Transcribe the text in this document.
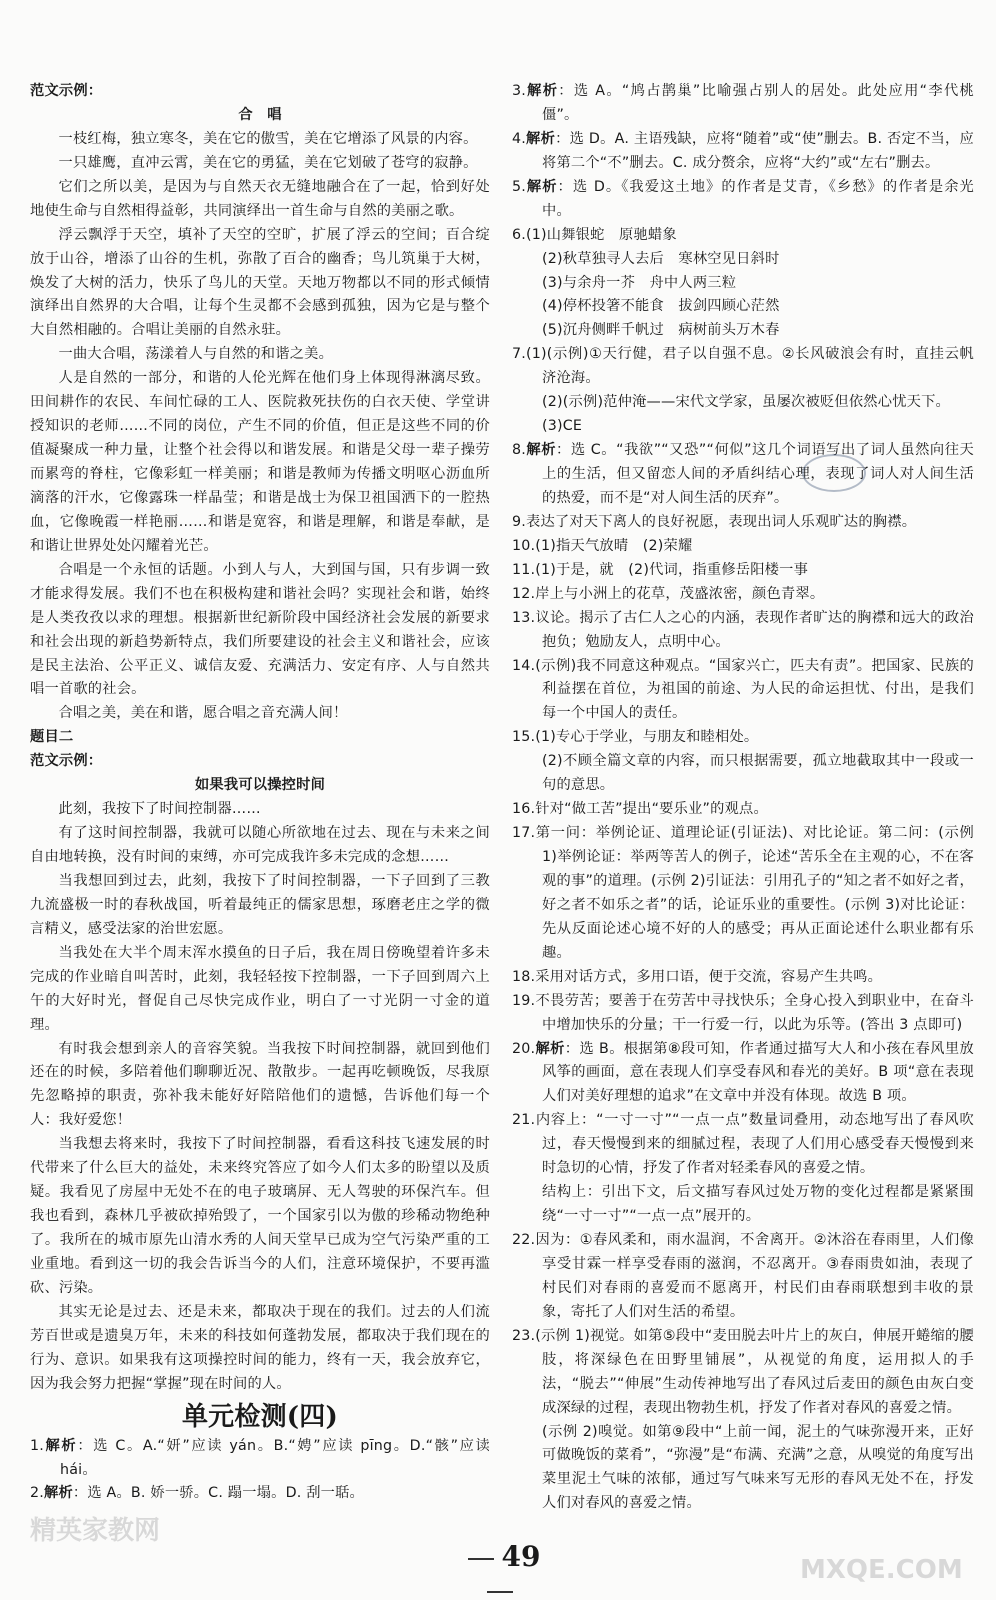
范文示例：

合　唱

一枝红梅，独立寒冬，美在它的傲雪，美在它增添了风景的内容。

一只雄鹰，直冲云霄，美在它的勇猛，美在它划破了苍穹的寂静。

它们之所以美，是因为与自然天衣无缝地融合在了一起，恰到好处地使生命与自然相得益彰，共同演绎出一首生命与自然的美丽之歌。

浮云飘浮于天空，填补了天空的空旷，扩展了浮云的空间；百合绽放于山谷，增添了山谷的生机，弥散了百合的幽香；鸟儿筑巢于大树，焕发了大树的活力，快乐了鸟儿的天堂。天地万物都以不同的形式倾情演绎出自然界的大合唱，让每个生灵都不会感到孤独，因为它是与整个大自然相融的。合唱让美丽的自然永驻。

一曲大合唱，荡漾着人与自然的和谐之美。

人是自然的一部分，和谐的人伦光辉在他们身上体现得淋漓尽致。田间耕作的农民、车间忙碌的工人、医院救死扶伤的白衣天使、学堂讲授知识的老师……不同的岗位，产生不同的价值，但正是这些不同的价值凝聚成一种力量，让整个社会得以和谐发展。和谐是父母一辈子操劳而累弯的脊柱，它像彩虹一样美丽；和谐是教师为传播文明呕心沥血所滴落的汗水，它像露珠一样晶莹；和谐是战士为保卫祖国洒下的一腔热血，它像晚霞一样艳丽……和谐是宽容，和谐是理解，和谐是奉献，是和谐让世界处处闪耀着光芒。

合唱是一个永恒的话题。小到人与人，大到国与国，只有步调一致才能求得发展。我们不也在积极构建和谐社会吗？实现社会和谐，始终是人类孜孜以求的理想。根据新世纪新阶段中国经济社会发展的新要求和社会出现的新趋势新特点，我们所要建设的社会主义和谐社会，应该是民主法治、公平正义、诚信友爱、充满活力、安定有序、人与自然共唱一首歌的社会。

合唱之美，美在和谐，愿合唱之音充满人间！

题目二

范文示例：

如果我可以操控时间

此刻，我按下了时间控制器……

有了这时间控制器，我就可以随心所欲地在过去、现在与未来之间自由地转换，没有时间的束缚，亦可完成我许多未完成的念想……

当我想回到过去，此刻，我按下了时间控制器，一下子回到了三教九流盛极一时的春秋战国，听着最纯正的儒家思想，琢磨老庄之学的微言精义，感受法家的治世宏愿。

当我处在大半个周末浑水摸鱼的日子后，我在周日傍晚望着许多未完成的作业暗自叫苦时，此刻，我轻轻按下控制器，一下子回到周六上午的大好时光，督促自己尽快完成作业，明白了一寸光阴一寸金的道理。

有时我会想到亲人的音容笑貌。当我按下时间控制器，就回到他们还在的时候，多陪着他们聊聊近况、散散步。一起再吃顿晚饭，尽我原先忽略掉的职责，弥补我未能好好陪陪他们的遗憾，告诉他们每一个人：我好爱您！

当我想去将来时，我按下了时间控制器，看看这科技飞速发展的时代带来了什么巨大的益处，未来终究答应了如今人们太多的盼望以及质疑。我看见了房屋中无处不在的电子玻璃屏、无人驾驶的环保汽车。但我也看到，森林几乎被砍掉殆毁了，一个国家引以为傲的珍稀动物绝种了。我所在的城市原先山清水秀的人间天堂早已成为空气污染严重的工业重地。看到这一切的我会告诉当今的人们，注意环境保护，不要再滥砍、污染。

其实无论是过去、还是未来，都取决于现在的我们。过去的人们流芳百世或是遗臭万年，未来的科技如何蓬勃发展，都取决于我们现在的行为、意识。如果我有这项操控时间的能力，终有一天，我会放弃它，因为我会努力把握“掌握”现在时间的人。

单元检测(四)

1.解析：选 C。A.“妍”应读 yán。B.“娉”应读 pīng。D.“骸”应读 hái。

2.解析：选 A。B. 娇一骄。C. 蹋一塌。D. 刮一聒。

3.解析：选 A。“鸠占鹊巢”比喻强占别人的居处。此处应用“李代桃僵”。

4.解析：选 D。A. 主语残缺，应将“随着”或“使”删去。B. 否定不当，应将第二个“不”删去。C. 成分赘余，应将“大约”或“左右”删去。

5.解析：选 D。《我爱这土地》的作者是艾青，《乡愁》的作者是余光中。

6.(1)山舞银蛇　原驰蜡象

(2)秋草独寻人去后　寒林空见日斜时

(3)与余舟一芥　舟中人两三粒

(4)停杯投箸不能食　拔剑四顾心茫然

(5)沉舟侧畔千帆过　病树前头万木春

7.(1)(示例)①天行健，君子以自强不息。②长风破浪会有时，直挂云帆济沧海。

(2)(示例)范仲淹——宋代文学家，虽屡次被贬但依然心忧天下。

(3)CE

8.解析：选 C。“我欲”“又恐”“何似”这几个词语写出了词人虽然向往天上的生活，但又留恋人间的矛盾纠结心理，表现了词人对人间生活的热爱，而不是“对人间生活的厌弃”。

9.表达了对天下离人的良好祝愿，表现出词人乐观旷达的胸襟。

10.(1)指天气放晴　(2)荣耀

11.(1)于是，就　(2)代词，指重修岳阳楼一事

12.岸上与小洲上的花草，茂盛浓密，颜色青翠。

13.议论。揭示了古仁人之心的内涵，表现作者旷达的胸襟和远大的政治抱负；勉励友人，点明中心。

14.(示例)我不同意这种观点。“国家兴亡，匹夫有责”。把国家、民族的利益摆在首位，为祖国的前途、为人民的命运担忧、付出，是我们每一个中国人的责任。

15.(1)专心于学业，与朋友和睦相处。

(2)不顾全篇文章的内容，而只根据需要，孤立地截取其中一段或一句的意思。

16.针对“做工苦”提出“要乐业”的观点。

17.第一问：举例论证、道理论证(引证法)、对比论证。第二问：(示例 1)举例论证：举两等苦人的例子，论述“苦乐全在主观的心，不在客观的事”的道理。(示例 2)引证法：引用孔子的“知之者不如好之者，好之者不如乐之者”的话，论证乐业的重要性。(示例 3)对比论证：先从反面论述心境不好的人的感受；再从正面论述什么职业都有乐趣。

18.采用对话方式，多用口语，便于交流，容易产生共鸣。

19.不畏劳苦；要善于在劳苦中寻找快乐；全身心投入到职业中，在奋斗中增加快乐的分量；干一行爱一行，以此为乐等。(答出 3 点即可)

20.解析：选 B。根据第⑧段可知，作者通过描写大人和小孩在春风里放风筝的画面，意在表现人们享受春风和春光的美好。B 项“意在表现人们对美好理想的追求”在文章中并没有体现。故选 B 项。

21.内容上：“一寸一寸”“一点一点”数量词叠用，动态地写出了春风吹过，春天慢慢到来的细腻过程，表现了人们用心感受春天慢慢到来时急切的心情，抒发了作者对轻柔春风的喜爱之情。

结构上：引出下文，后文描写春风过处万物的变化过程都是紧紧围绕“一寸一寸”“一点一点”展开的。

22.因为：①春风柔和，雨水温润，不舍离开。②沐浴在春雨里，人们像享受甘霖一样享受春雨的滋润，不忍离开。③春雨贵如油，表现了村民们对春雨的喜爱而不愿离开，村民们由春雨联想到丰收的景象，寄托了人们对生活的希望。

23.(示例 1)视觉。如第⑤段中“麦田脱去叶片上的灰白，伸展开蜷缩的腰肢，将深绿色在田野里铺展”，从视觉的角度，运用拟人的手法，“脱去”“伸展”生动传神地写出了春风过后麦田的颜色由灰白变成深绿的过程，表现出物勃生机，抒发了作者对春风的喜爱之情。

(示例 2)嗅觉。如第⑨段中“上前一闻，泥土的气味弥漫开来，正好可做晚饭的菜肴”，“弥漫”是“布满、充满”之意，从嗅觉的角度写出菜里泥土气味的浓郁，通过写气味来写无形的春风无处不在，抒发人们对春风的喜爱之情。

精英家教网
MXQE.COM
49
